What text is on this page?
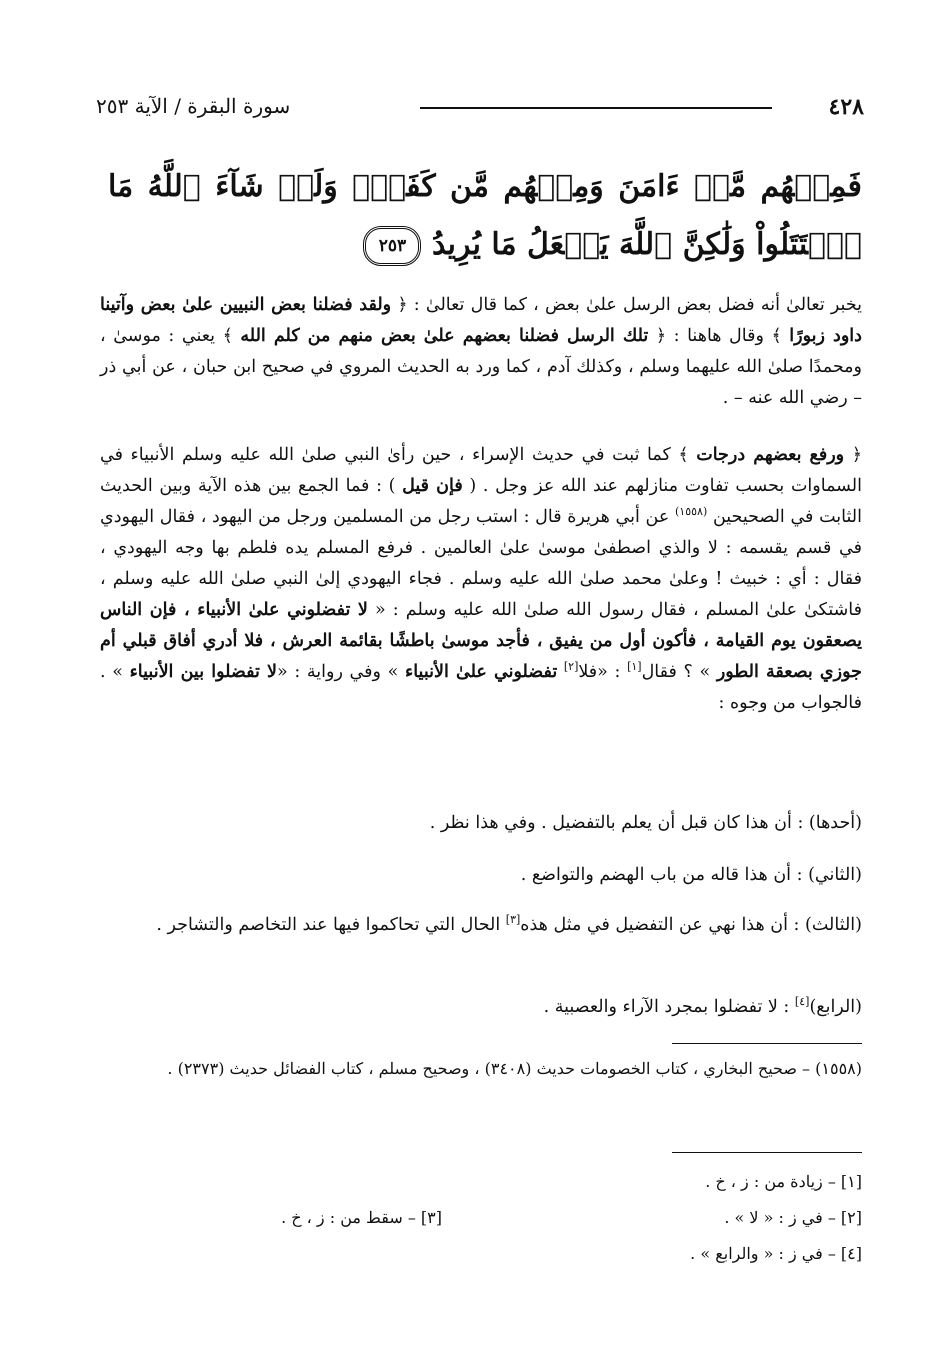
٤٢٨
سورة البقرة / الآية ٢٥٣
فَمِنۡهُم مَّنۡ ءَامَنَ وَمِنۡهُم مَّن كَفَرَۚ وَلَوۡ شَآءَ ٱللَّهُ مَا ٱقۡتَتَلُواْ وَلَٰكِنَّ ٱللَّهَ يَفۡعَلُ مَا يُرِيدُ ٢٥٣
يخبر تعالىٰ أنه فضل بعض الرسل علىٰ بعض ، كما قال تعالىٰ : ﴿ ولقد فضلنا بعض النبيين علىٰ بعض وآتينا داود زبورًا ﴾ وقال هاهنا : ﴿ تلك الرسل فضلنا بعضهم علىٰ بعض منهم من كلم الله ﴾ يعني : موسىٰ ، ومحمدًا صلىٰ الله عليهما وسلم ، وكذلك آدم ، كما ورد به الحديث المروي في صحيح ابن حبان ، عن أبي ذر – رضي الله عنه – .
﴿ ورفع بعضهم درجات ﴾ كما ثبت في حديث الإسراء ، حين رأىٰ النبي صلىٰ الله عليه وسلم الأنبياء في السماوات بحسب تفاوت منازلهم عند الله عز وجل . ( فإن قيل ) : فما الجمع بين هذه الآية وبين الحديث الثابت في الصحيحين $^{(١٥٥٨)}$ عن أبي هريرة قال : استب رجل من المسلمين ورجل من اليهود ، فقال اليهودي في قسم يقسمه : لا والذي اصطفىٰ موسىٰ علىٰ العالمين . فرفع المسلم يده فلطم بها وجه اليهودي ، فقال : أي : خبيث ! وعلىٰ محمد صلىٰ الله عليه وسلم . فجاء اليهودي إلىٰ النبي صلىٰ الله عليه وسلم ، فاشتكىٰ علىٰ المسلم ، فقال رسول الله صلىٰ الله عليه وسلم : « لا تفضلوني علىٰ الأنبياء ، فإن الناس يصعقون يوم القيامة ، فأكون أول من يفيق ، فأجد موسىٰ باطشًا بقائمة العرش ، فلا أدري أفاق قبلي أم جوزي بصعقة الطور » ؟ فقال[١] : «فلا[٢] تفضلوني علىٰ الأنبياء » وفي رواية : «لا تفضلوا بين الأنبياء » . فالجواب من وجوه :
(أحدها) : أن هذا كان قبل أن يعلم بالتفضيل . وفي هذا نظر .
(الثاني) : أن هذا قاله من باب الهضم والتواضع .
(الثالث) : أن هذا نهي عن التفضيل في مثل هذه[٣] الحال التي تحاكموا فيها عند التخاصم والتشاجر .
(الرابع)[٤] : لا تفضلوا بمجرد الآراء والعصبية .
(١٥٥٨) – صحيح البخاري ، كتاب الخصومات حديث (٣٤٠٨) ، وصحيح مسلم ، كتاب الفضائل حديث (٢٣٧٣) .
[١] – زيادة من : ز ، خ .
[٢] – في ز : « لا » .
[٤] – في ز : « والرابع » .
[٣] – سقط من : ز ، خ .
